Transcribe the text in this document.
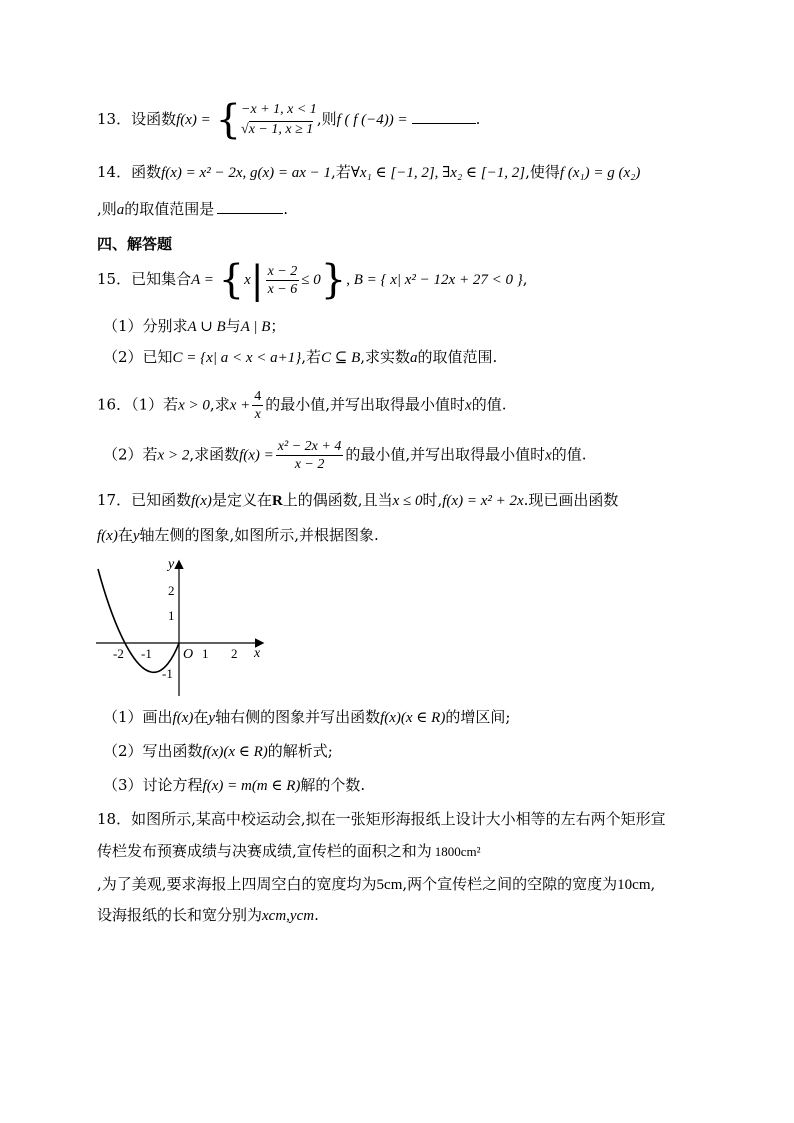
13．设函数f(x) = { −x + 1, x < 1
√x − 1, x ≥ 1
,则f ( f (−4)) =	.
14．函数f(x) = x² − 2x, g(x) = ax − 1,若∀x₁ ∈ [−1, 2], ∃x₂ ∈ [−1, 2],使得f (x₁) = g (x₂)
,则a的取值范围是	.
四、解答题
15．已知集合$A = \{x| \frac{x - 2}{x - 6} \le 0\}$, B = { x| x² − 12x + 27 < 0 },
（1）分别求A ∪ B与A | B；
（2）已知C = {x| a < x < a+1},若C ⊆ B,求实数a的取值范围.
16．（1）若x > 0,求$x + \frac{4}{x}$ 的最小值,并写出取得最小值时x的值.
（2）若x > 2,求函数$f(x) = \frac{\text{x² − 2x + 4}}{x - 2}$ 的最小值,并写出取得最小值时x的值.
17．已知函数f(x)是定义在R上的偶函数,且当x ≤ 0时,f(x) = x² + 2x.现已画出函数
f(x)在y轴左侧的图象,如图所示,并根据图象.
y
x
O
-2 -1	1 2
2
1
-1
（1）画出f(x)在y轴右侧的图象并写出函数f(x)(x ∈ R)的增区间;
（2）写出函数f(x)(x ∈ R)的解析式;
（3）讨论方程f(x) = m(m ∈ R)解的个数.
18．如图所示,某高中校运动会,拟在一张矩形海报纸上设计大小相等的左右两个矩形宣
传栏发布预赛成绩与决赛成绩,宣传栏的面积之和为 1800cm²
,为了美观,要求海报上四周空白的宽度均为5cm,两个宣传栏之间的空隙的宽度为10cm,
设海报纸的长和宽分别为xcm,ycm.
